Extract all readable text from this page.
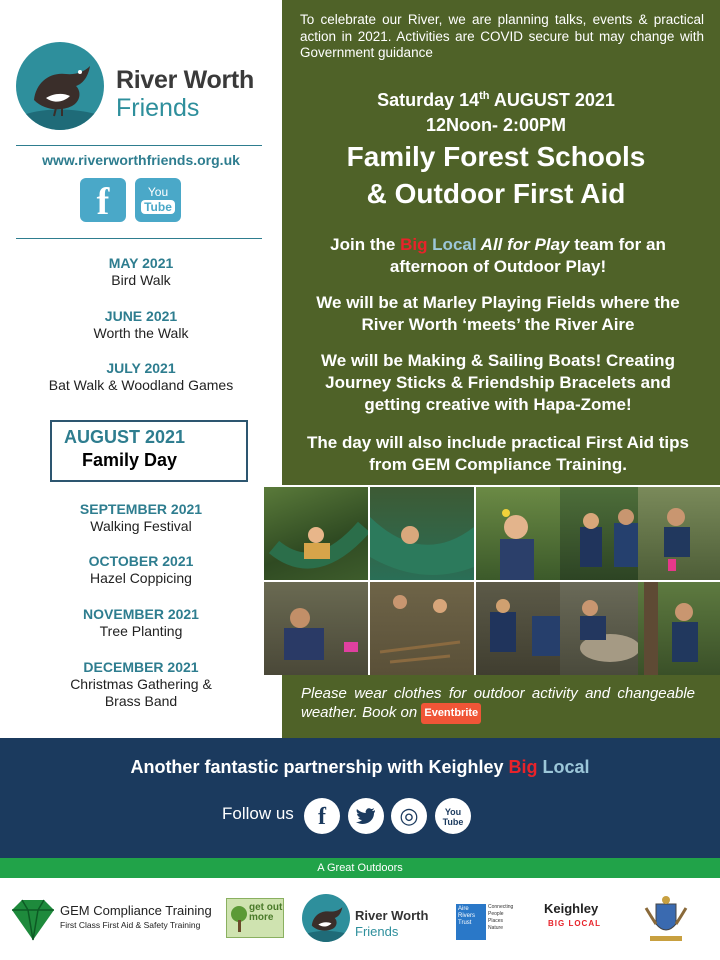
River Worth
Friends
www.riverworthfriends.org.uk
f	You
Tube
MAY 2021
Bird Walk
JUNE 2021
Worth the Walk
JULY 2021
Bat Walk & Woodland Games
AUGUST 2021
Family Day
SEPTEMBER 2021
Walking Festival
OCTOBER 2021
Hazel Coppicing
NOVEMBER 2021
Tree Planting
DECEMBER 2021
Christmas Gathering &
Brass Band
To celebrate our River, we are planning talks, events & practical action in 2021. Activities are COVID secure but may change with Government guidance
Saturday 14th AUGUST 2021
12Noon- 2:00PM
Family Forest Schools
& Outdoor First Aid
Join the Big Local All for Play team for an afternoon of Outdoor Play!
We will be at Marley Playing Fields where the River Worth ‘meets’ the River Aire
We will be Making & Sailing Boats! Creating Journey Sticks & Friendship Bracelets and getting creative with Hapa-Zome!
The day will also include practical First Aid tips from GEM Compliance Training.
Please wear clothes for outdoor activity and changeable weather. Book on Eventbrite
Another fantastic partnership with Keighley Big Local
Follow us	f	◎	You Tube
A Great Outdoors
GEM Compliance Training
First Class First Aid & Safety Training
get out more	River Worth
Friends
Aire
Rivers
Trust
Connecting
People
Places
Nature
Keighley
BIG LOCAL
